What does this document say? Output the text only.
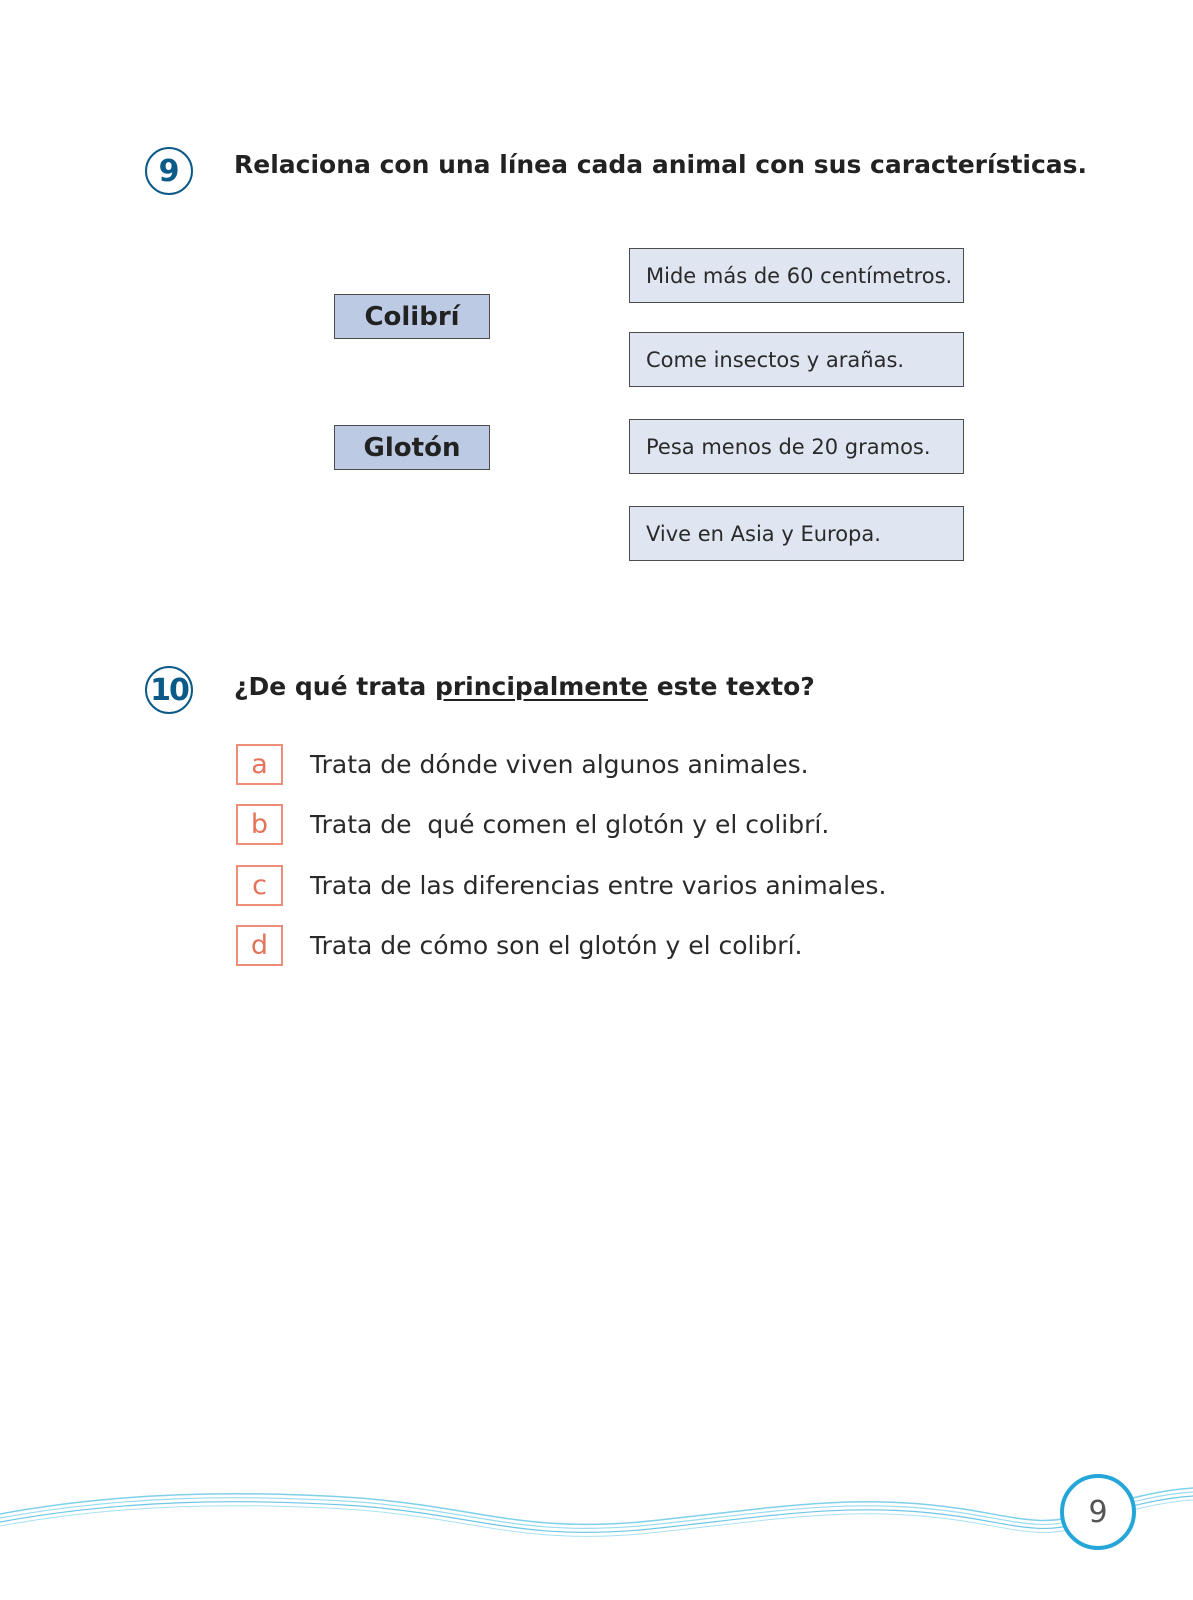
9 Relaciona con una línea cada animal con sus características.
Colibrí
Glotón
Mide más de 60 centímetros.
Come insectos y arañas.
Pesa menos de 20 gramos.
Vive en Asia y Europa.
10 ¿De qué trata principalmente este texto?
a	Trata de dónde viven algunos animales.
b	Trata de  qué comen el glotón y el colibrí.
c	Trata de las diferencias entre varios animales.
d	Trata de cómo son el glotón y el colibrí.
9
